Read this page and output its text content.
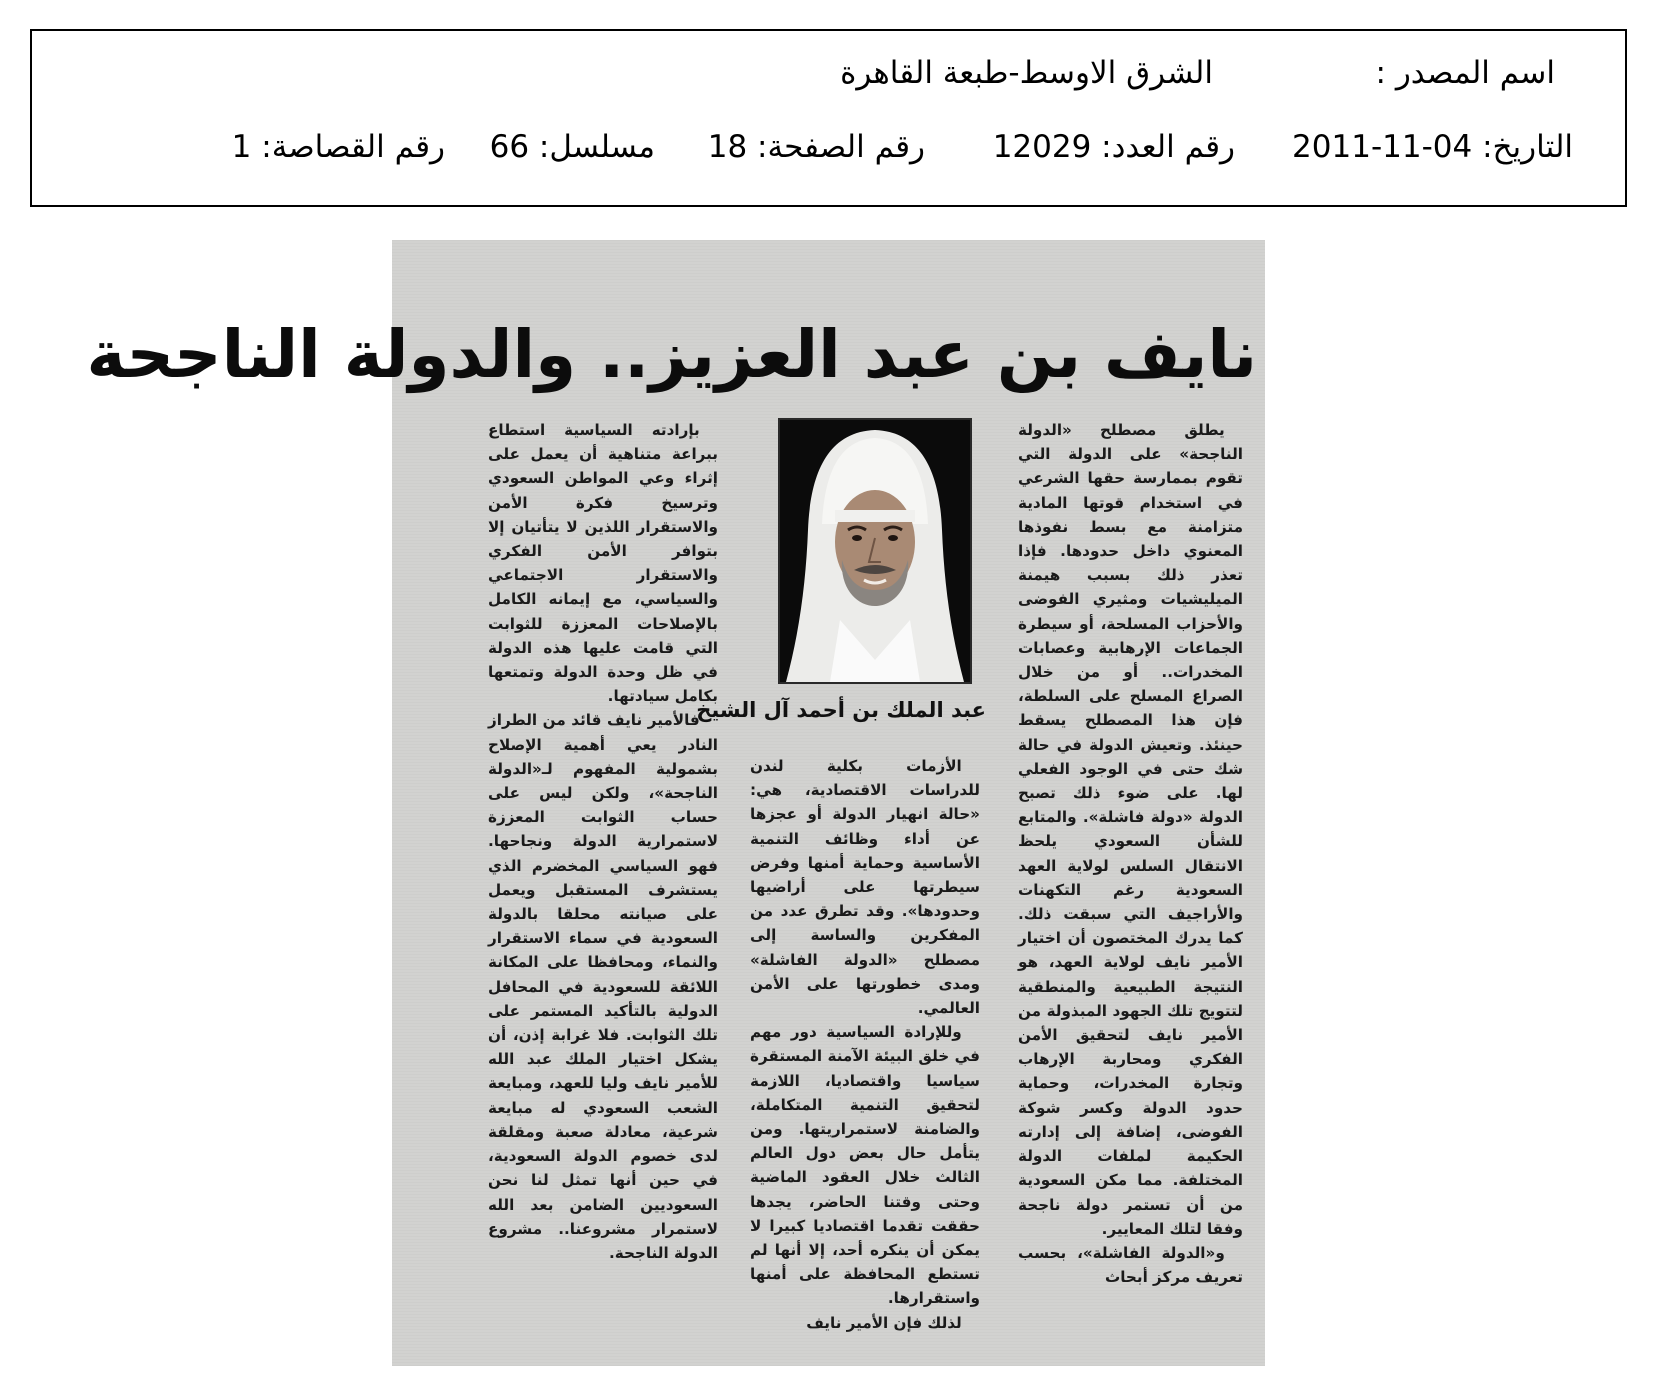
اسم المصدر :
الشرق الاوسط-طبعة القاهرة
التاريخ: 04-11-2011
رقم العدد: 12029
رقم الصفحة: 18
مسلسل: 66
رقم القصاصة: 1
نايف بن عبد العزيز.. والدولة الناجحة

يطلق مصطلح «الدولة الناجحة» على الدولة التي تقوم بممارسة حقها الشرعي في استخدام قوتها المادية متزامنة مع بسط نفوذها المعنوي داخل حدودها. فإذا تعذر ذلك بسبب هيمنة الميليشيات ومثيري الفوضى والأحزاب المسلحة، أو سيطرة الجماعات الإرهابية وعصابات المخدرات.. أو من خلال الصراع المسلح على السلطة، فإن هذا المصطلح يسقط حينئذ. وتعيش الدولة في حالة شك حتى في الوجود الفعلي لها. على ضوء ذلك تصبح الدولة «دولة فاشلة». والمتابع للشأن السعودي يلحظ الانتقال السلس لولاية العهد السعودية رغم التكهنات والأراجيف التي سبقت ذلك. كما يدرك المختصون أن اختيار الأمير نايف لولاية العهد، هو النتيجة الطبيعية والمنطقية لتتويج تلك الجهود المبذولة من الأمير نايف لتحقيق الأمن الفكري ومحاربة الإرهاب وتجارة المخدرات، وحماية حدود الدولة وكسر شوكة الفوضى، إضافة إلى إدارته الحكيمة لملفات الدولة المختلفة. مما مكن السعودية من أن تستمر دولة ناجحة وفقا لتلك المعايير.

و«الدولة الفاشلة»، بحسب تعريف مركز أبحاث

عبد الملك بن أحمد آل الشيخ

الأزمات بكلية لندن للدراسات الاقتصادية، هي: «حالة انهيار الدولة أو عجزها عن أداء وظائف التنمية الأساسية وحماية أمنها وفرض سيطرتها على أراضيها وحدودها». وقد تطرق عدد من المفكرين والساسة إلى مصطلح «الدولة الفاشلة» ومدى خطورتها على الأمن العالمي.

وللإرادة السياسية دور مهم في خلق البيئة الآمنة المستقرة سياسيا واقتصاديا، اللازمة لتحقيق التنمية المتكاملة، والضامنة لاستمراريتها. ومن يتأمل حال بعض دول العالم الثالث خلال العقود الماضية وحتى وقتنا الحاضر، يجدها حققت تقدما اقتصاديا كبيرا لا يمكن أن ينكره أحد، إلا أنها لم تستطع المحافظة على أمنها واستقرارها.

لذلك فإن الأمير نايف

بإرادته السياسية استطاع ببراعة متناهية أن يعمل على إثراء وعي المواطن السعودي وترسيخ فكرة الأمن والاستقرار اللذين لا يتأتيان إلا بتوافر الأمن الفكري والاستقرار الاجتماعي والسياسي، مع إيمانه الكامل بالإصلاحات المعززة للثوابت التي قامت عليها هذه الدولة في ظل وحدة الدولة وتمتعها بكامل سيادتها.

فالأمير نايف قائد من الطراز النادر يعي أهمية الإصلاح بشمولية المفهوم لـ«الدولة الناجحة»، ولكن ليس على حساب الثوابت المعززة لاستمرارية الدولة ونجاحها. فهو السياسي المخضرم الذي يستشرف المستقبل ويعمل على صيانته محلقا بالدولة السعودية في سماء الاستقرار والنماء، ومحافظا على المكانة اللائقة للسعودية في المحافل الدولية بالتأكيد المستمر على تلك الثوابت. فلا غرابة إذن، أن يشكل اختيار الملك عبد الله للأمير نايف وليا للعهد، ومبايعة الشعب السعودي له مبايعة شرعية، معادلة صعبة ومقلقة لدى خصوم الدولة السعودية، في حين أنها تمثل لنا نحن السعوديين الضامن بعد الله لاستمرار مشروعنا.. مشروع الدولة الناجحة.
